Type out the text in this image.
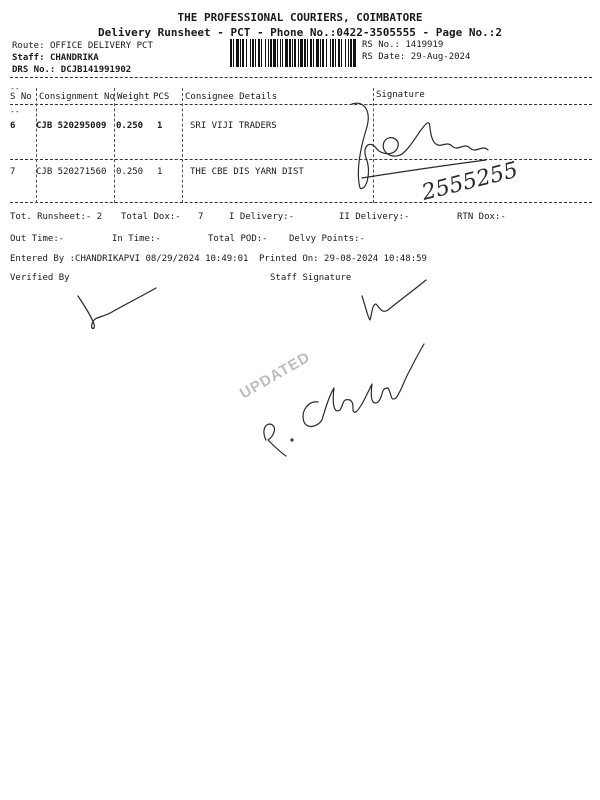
THE PROFESSIONAL COURIERS, COIMBATORE
Delivery Runsheet - PCT - Phone No.:0422-3505555 - Page No.:2
Route: OFFICE DELIVERY PCT
Staff: CHANDRIKA
DRS No.: DCJB141991902
RS No.: 1419919
RS Date: 29-Aug-2024
--
--
S No Consignment No Weight PCS Consignee Details	Signature
6 CJB 520295009 0.250 1	SRI VIJI TRADERS
7 CJB 520271560 0.250 1	THE CBE DIS YARN DIST
Tot. Runsheet:- 2 Total Dox:- 7	I Delivery:-	II Delivery:-	RTN Dox:-
Out Time:-	In Time:-	Total POD:- Delvy Points:-
Entered By :CHANDRIKAPVI 08/29/2024 10:49:01 Printed On: 29-08-2024 10:48:59
Verified By	Staff Signature
UPDATED
2555255
